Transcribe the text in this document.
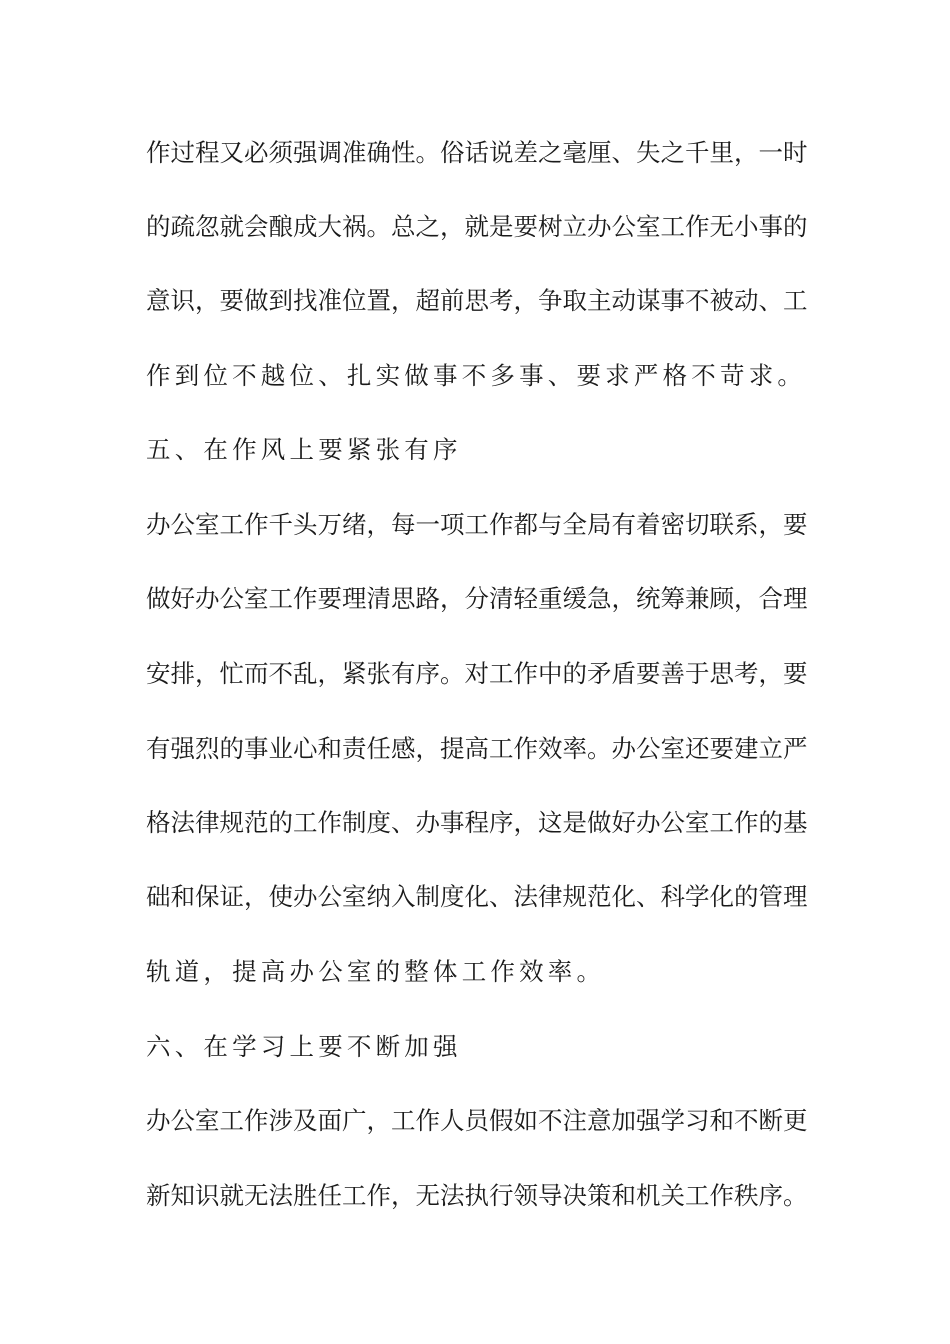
作过程又必须强调准确性。俗话说差之毫厘、失之千里，一时
的疏忽就会酿成大祸。总之，就是要树立办公室工作无小事的
意识，要做到找准位置，超前思考，争取主动谋事不被动、工
作到位不越位、扎实做事不多事、要求严格不苛求。
五、在作风上要紧张有序
办公室工作千头万绪，每一项工作都与全局有着密切联系，要
做好办公室工作要理清思路，分清轻重缓急，统筹兼顾，合理
安排，忙而不乱，紧张有序。对工作中的矛盾要善于思考，要
有强烈的事业心和责任感，提高工作效率。办公室还要建立严
格法律规范的工作制度、办事程序，这是做好办公室工作的基
础和保证，使办公室纳入制度化、法律规范化、科学化的管理
轨道，提高办公室的整体工作效率。
六、在学习上要不断加强
办公室工作涉及面广，工作人员假如不注意加强学习和不断更
新知识就无法胜任工作，无法执行领导决策和机关工作秩序。
